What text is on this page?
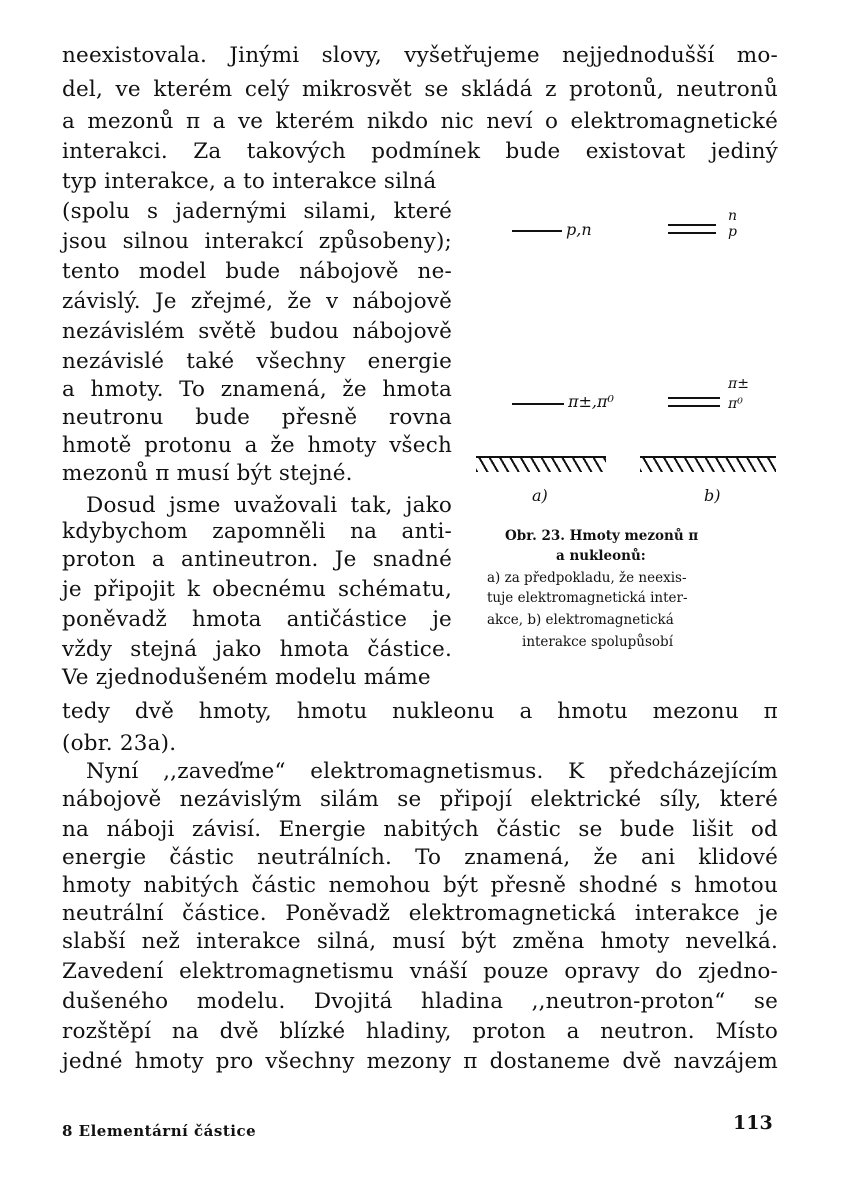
neexistovala. Jinými slovy, vyšetřujeme nejjednodušší mo-
del, ve kterém celý mikrosvět se skládá z protonů, neutronů
a mezonů π a ve kterém nikdo nic neví o elektromagnetické
interakci. Za takových podmínek bude existovat jediný
typ interakce, a to interakce silná
(spolu s jadernými silami, které
jsou silnou interakcí způsobeny);
tento model bude nábojově ne-
závislý. Je zřejmé, že v nábojově
nezávislém světě budou nábojově
nezávislé také všechny energie
a hmoty. To znamená, že hmota
neutronu bude přesně rovna
hmotě protonu a že hmoty všech
mezonů π musí být stejné.
Dosud jsme uvažovali tak, jako
kdybychom zapomněli na anti-
proton a antineutron. Je snadné
je připojit k obecnému schématu,
poněvadž hmota antičástice je
vždy stejná jako hmota částice.
Ve zjednodušeném modelu máme
p,n
π±,π⁰
a)
n
p
π±
π⁰
b)
Obr. 23. Hmoty mezonů π
a nukleonů:
a) za předpokladu, že neexis-
tuje elektromagnetická inter-
akce, b) elektromagnetická
interakce spolupůsobí
tedy dvě hmoty, hmotu nukleonu a hmotu mezonu π
(obr. 23a).
Nyní ,,zaveďme“ elektromagnetismus. K předcházejícím
nábojově nezávislým silám se připojí elektrické síly, které
na náboji závisí. Energie nabitých částic se bude lišit od
energie částic neutrálních. To znamená, že ani klidové
hmoty nabitých částic nemohou být přesně shodné s hmotou
neutrální částice. Poněvadž elektromagnetická interakce je
slabší než interakce silná, musí být změna hmoty nevelká.
Zavedení elektromagnetismu vnáší pouze opravy do zjedno-
dušeného modelu. Dvojitá hladina ,,neutron-proton“ se
rozštěpí na dvě blízké hladiny, proton a neutron. Místo
jedné hmoty pro všechny mezony π dostaneme dvě navzájem
8 Elementární částice	113
